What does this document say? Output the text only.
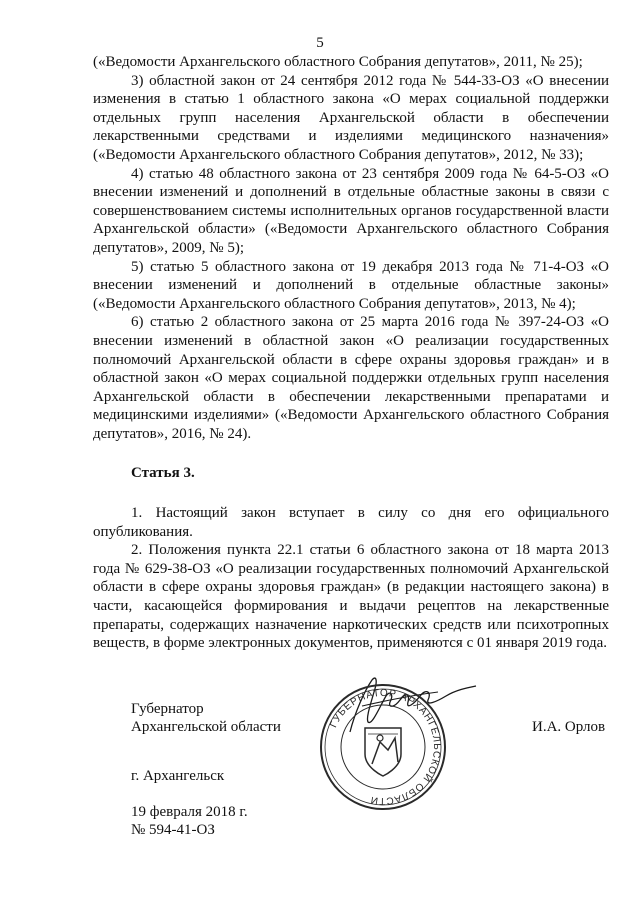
5

(«Ведомости Архангельского областного Собрания депутатов», 2011, № 25);

3) областной закон от 24 сентября 2012 года № 544-33-ОЗ «О внесении изменения в статью 1 областного закона «О мерах социальной поддержки отдельных групп населения Архангельской области в обеспечении лекарственными средствами и изделиями медицинского назначения» («Ведомости Архангельского областного Собрания депутатов», 2012, № 33);

4) статью 48 областного закона от 23 сентября 2009 года № 64-5-ОЗ «О внесении изменений и дополнений в отдельные областные законы в связи с совершенствованием системы исполнительных органов государственной власти Архангельской области» («Ведомости Архангельского областного Собрания депутатов», 2009, № 5);

5) статью 5 областного закона от 19 декабря 2013 года № 71-4-ОЗ «О внесении изменений и дополнений в отдельные областные законы» («Ведомости Архангельского областного Собрания депутатов», 2013, № 4);

6) статью 2 областного закона от 25 марта 2016 года № 397-24-ОЗ «О внесении изменений в областной закон «О реализации государственных полномочий Архангельской области в сфере охраны здоровья граждан» и в областной закон «О мерах социальной поддержки отдельных групп населения Архангельской области в обеспечении лекарственными препаратами и медицинскими изделиями» («Ведомости Архангельского областного Собрания депутатов», 2016, № 24).

Статья 3.

1. Настоящий закон вступает в силу со дня его официального опубликования.

2. Положения пункта 22.1 статьи 6 областного закона от 18 марта 2013 года № 629-38-ОЗ «О реализации государственных полномочий Архангельской области в сфере охраны здоровья граждан» (в редакции настоящего закона) в части, касающейся формирования и выдачи рецептов на лекарственные препараты, содержащих назначение наркотических средств или психотропных веществ, в форме электронных документов, применяются с 01 января 2019 года.

Губернатор
Архангельской области	И.А. Орлов
г. Архангельск
19 февраля 2018 г.
№ 594-41-ОЗ
ГУБЕРНАТОР АРХАНГЕЛЬСКОЙ ОБЛАСТИ
